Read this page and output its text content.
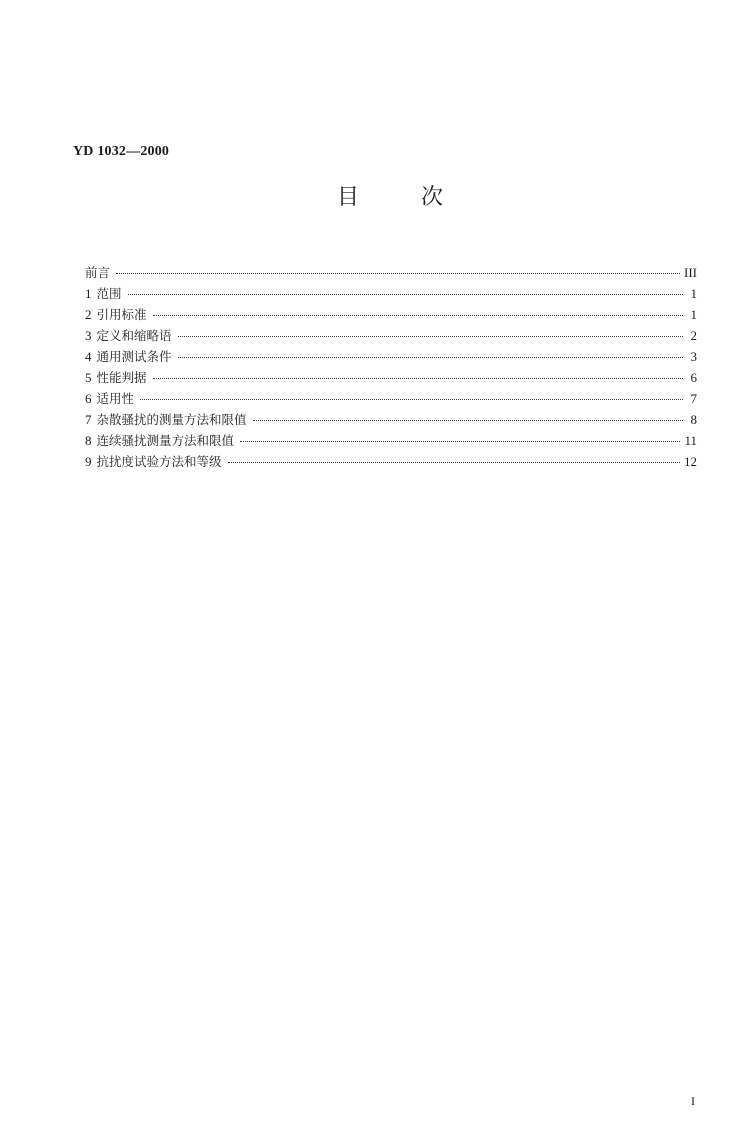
YD 1032—2000
目	次
前言	III
1 范围	1
2 引用标准	1
3 定义和缩略语	2
4 通用测试条件	3
5 性能判据	6
6 适用性	7
7 杂散骚扰的测量方法和限值	8
8 连续骚扰测量方法和限值	11
9 抗扰度试验方法和等级	12
I
